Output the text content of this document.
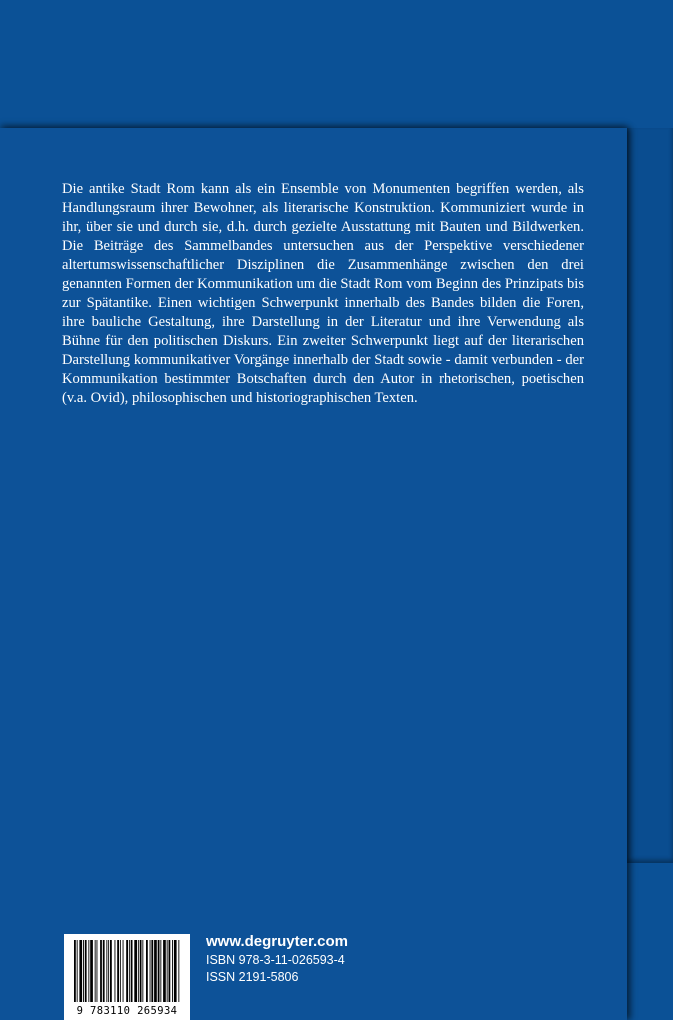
Die antike Stadt Rom kann als ein Ensemble von Monumenten begriffen werden, als Handlungsraum ihrer Bewohner, als literarische Konstruktion. Kommuniziert wurde in ihr, über sie und durch sie, d.h. durch gezielte Ausstattung mit Bauten und Bildwerken. Die Beiträge des Sammelbandes untersuchen aus der Perspektive verschiedener altertumswissenschaftlicher Disziplinen die Zusammenhänge zwischen den drei genannten Formen der Kommunikation um die Stadt Rom vom Beginn des Prinzipats bis zur Spätantike. Einen wichtigen Schwerpunkt innerhalb des Bandes bilden die Foren, ihre bauliche Gestaltung, ihre Darstellung in der Literatur und ihre Verwendung als Bühne für den politischen Diskurs. Ein zweiter Schwerpunkt liegt auf der literarischen Darstellung kommunikativer Vorgänge innerhalb der Stadt sowie - damit verbunden - der Kommunikation bestimmter Botschaften durch den Autor in rhetorischen, poetischen (v.a. Ovid), philosophischen und historiographischen Texten.

9 783110 265934
www.degruyter.com
ISBN 978-3-11-026593-4
ISSN 2191-5806
